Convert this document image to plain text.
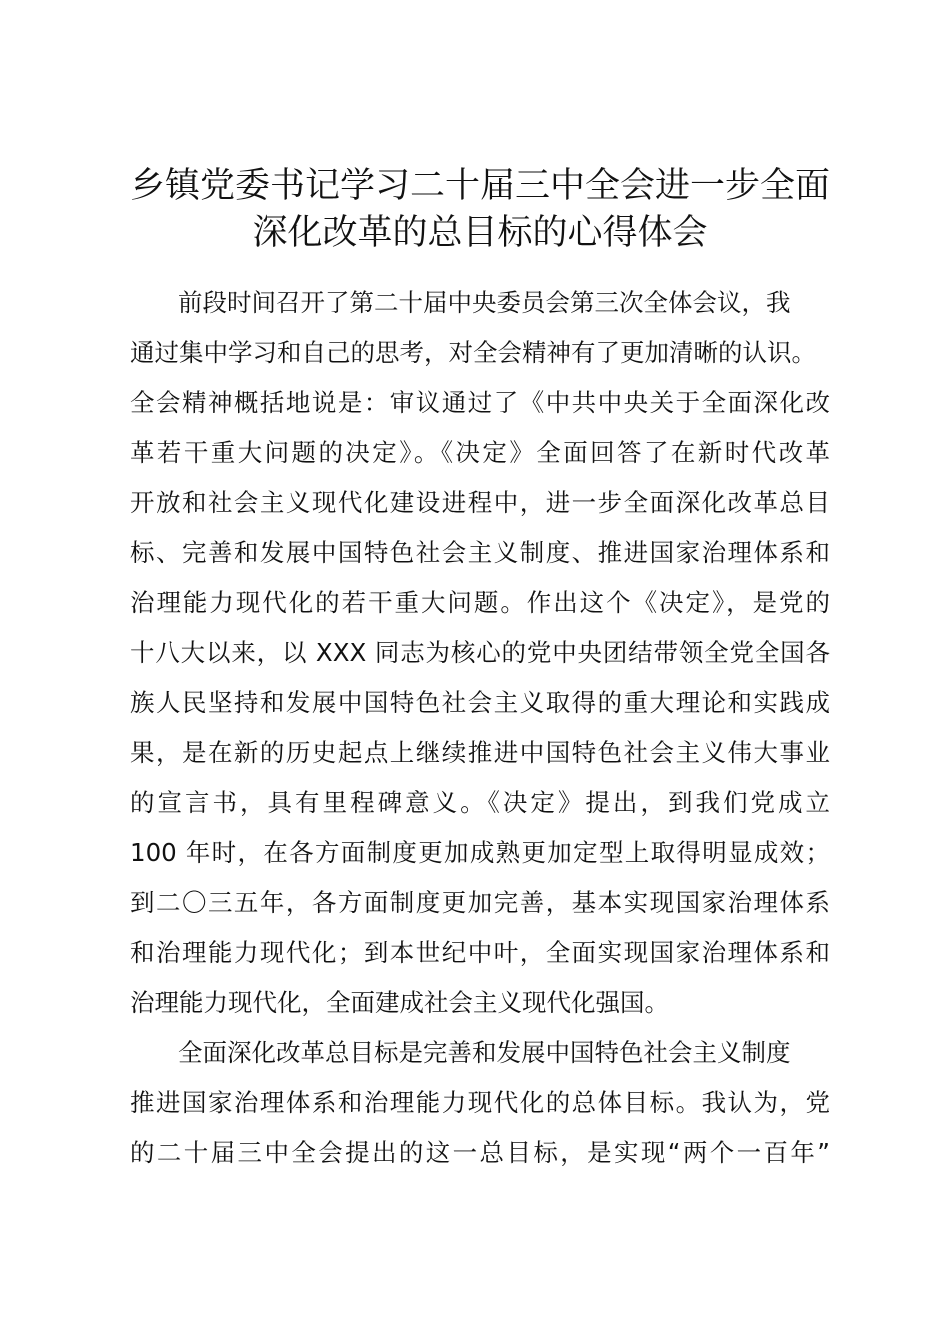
乡镇党委书记学习二十届三中全会进一步全面
深化改革的总目标的心得体会
前段时间召开了第二十届中央委员会第三次全体会议，我
通过集中学习和自己的思考，对全会精神有了更加清晰的认识。
全会精神概括地说是：审议通过了《中共中央关于全面深化改
革若干重大问题的决定》。《决定》全面回答了在新时代改革
开放和社会主义现代化建设进程中，进一步全面深化改革总目
标、完善和发展中国特色社会主义制度、推进国家治理体系和
治理能力现代化的若干重大问题。作出这个《决定》，是党的
十八大以来，以 XXX 同志为核心的党中央团结带领全党全国各
族人民坚持和发展中国特色社会主义取得的重大理论和实践成
果，是在新的历史起点上继续推进中国特色社会主义伟大事业
的宣言书，具有里程碑意义。《决定》提出，到我们党成立
100 年时，在各方面制度更加成熟更加定型上取得明显成效；
到二〇三五年，各方面制度更加完善，基本实现国家治理体系
和治理能力现代化；到本世纪中叶，全面实现国家治理体系和
治理能力现代化，全面建成社会主义现代化强国。
全面深化改革总目标是完善和发展中国特色社会主义制度
推进国家治理体系和治理能力现代化的总体目标。我认为，党
的二十届三中全会提出的这一总目标，是实现“两个一百年”
